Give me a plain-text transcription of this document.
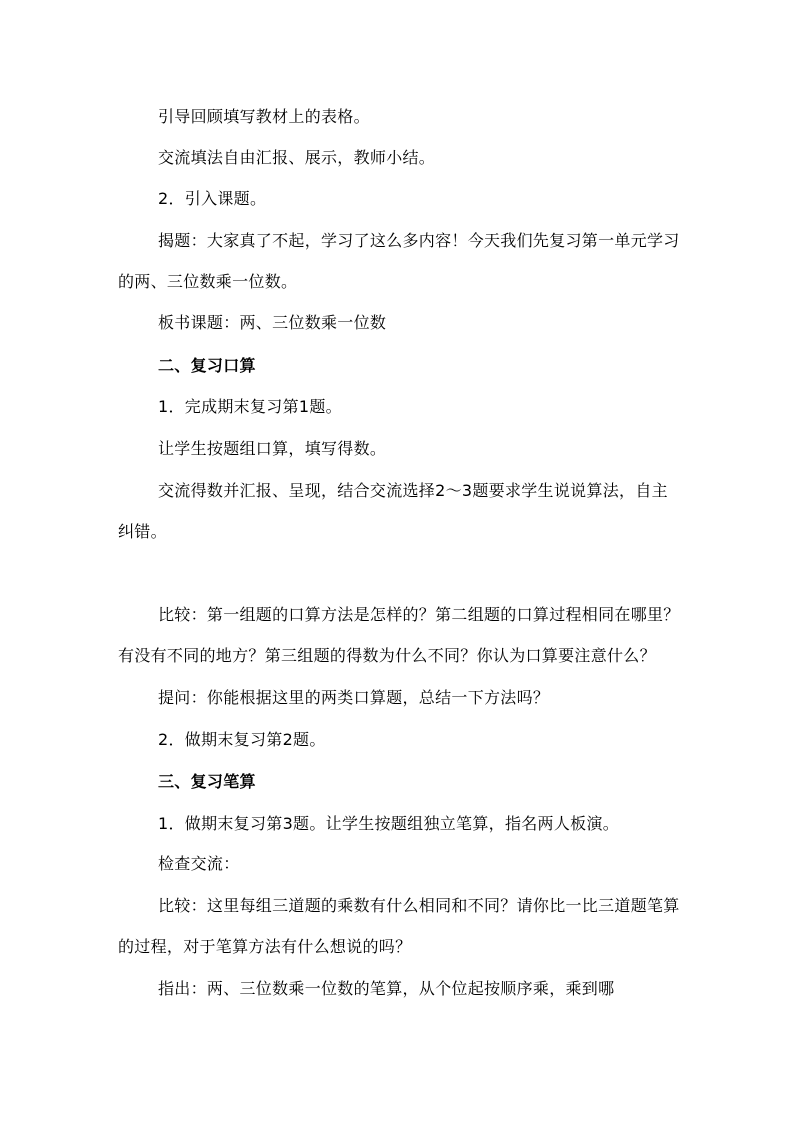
引导回顾填写教材上的表格。

交流填法自由汇报、展示，教师小结。

2．引入课题。

揭题：大家真了不起，学习了这么多内容！今天我们先复习第一单元学习的两、三位数乘一位数。

板书课题：两、三位数乘一位数

二、复习口算

1．完成期末复习第1题。

让学生按题组口算，填写得数。

交流得数并汇报、呈现，结合交流选择2～3题要求学生说说算法，自主纠错。

比较：第一组题的口算方法是怎样的？第二组题的口算过程相同在哪里？有没有不同的地方？第三组题的得数为什么不同？你认为口算要注意什么？

提问：你能根据这里的两类口算题，总结一下方法吗？

2．做期末复习第2题。

三、复习笔算

1．做期末复习第3题。让学生按题组独立笔算，指名两人板演。

检查交流：

比较：这里每组三道题的乘数有什么相同和不同？请你比一比三道题笔算的过程，对于笔算方法有什么想说的吗？

指出：两、三位数乘一位数的笔算，从个位起按顺序乘，乘到哪
